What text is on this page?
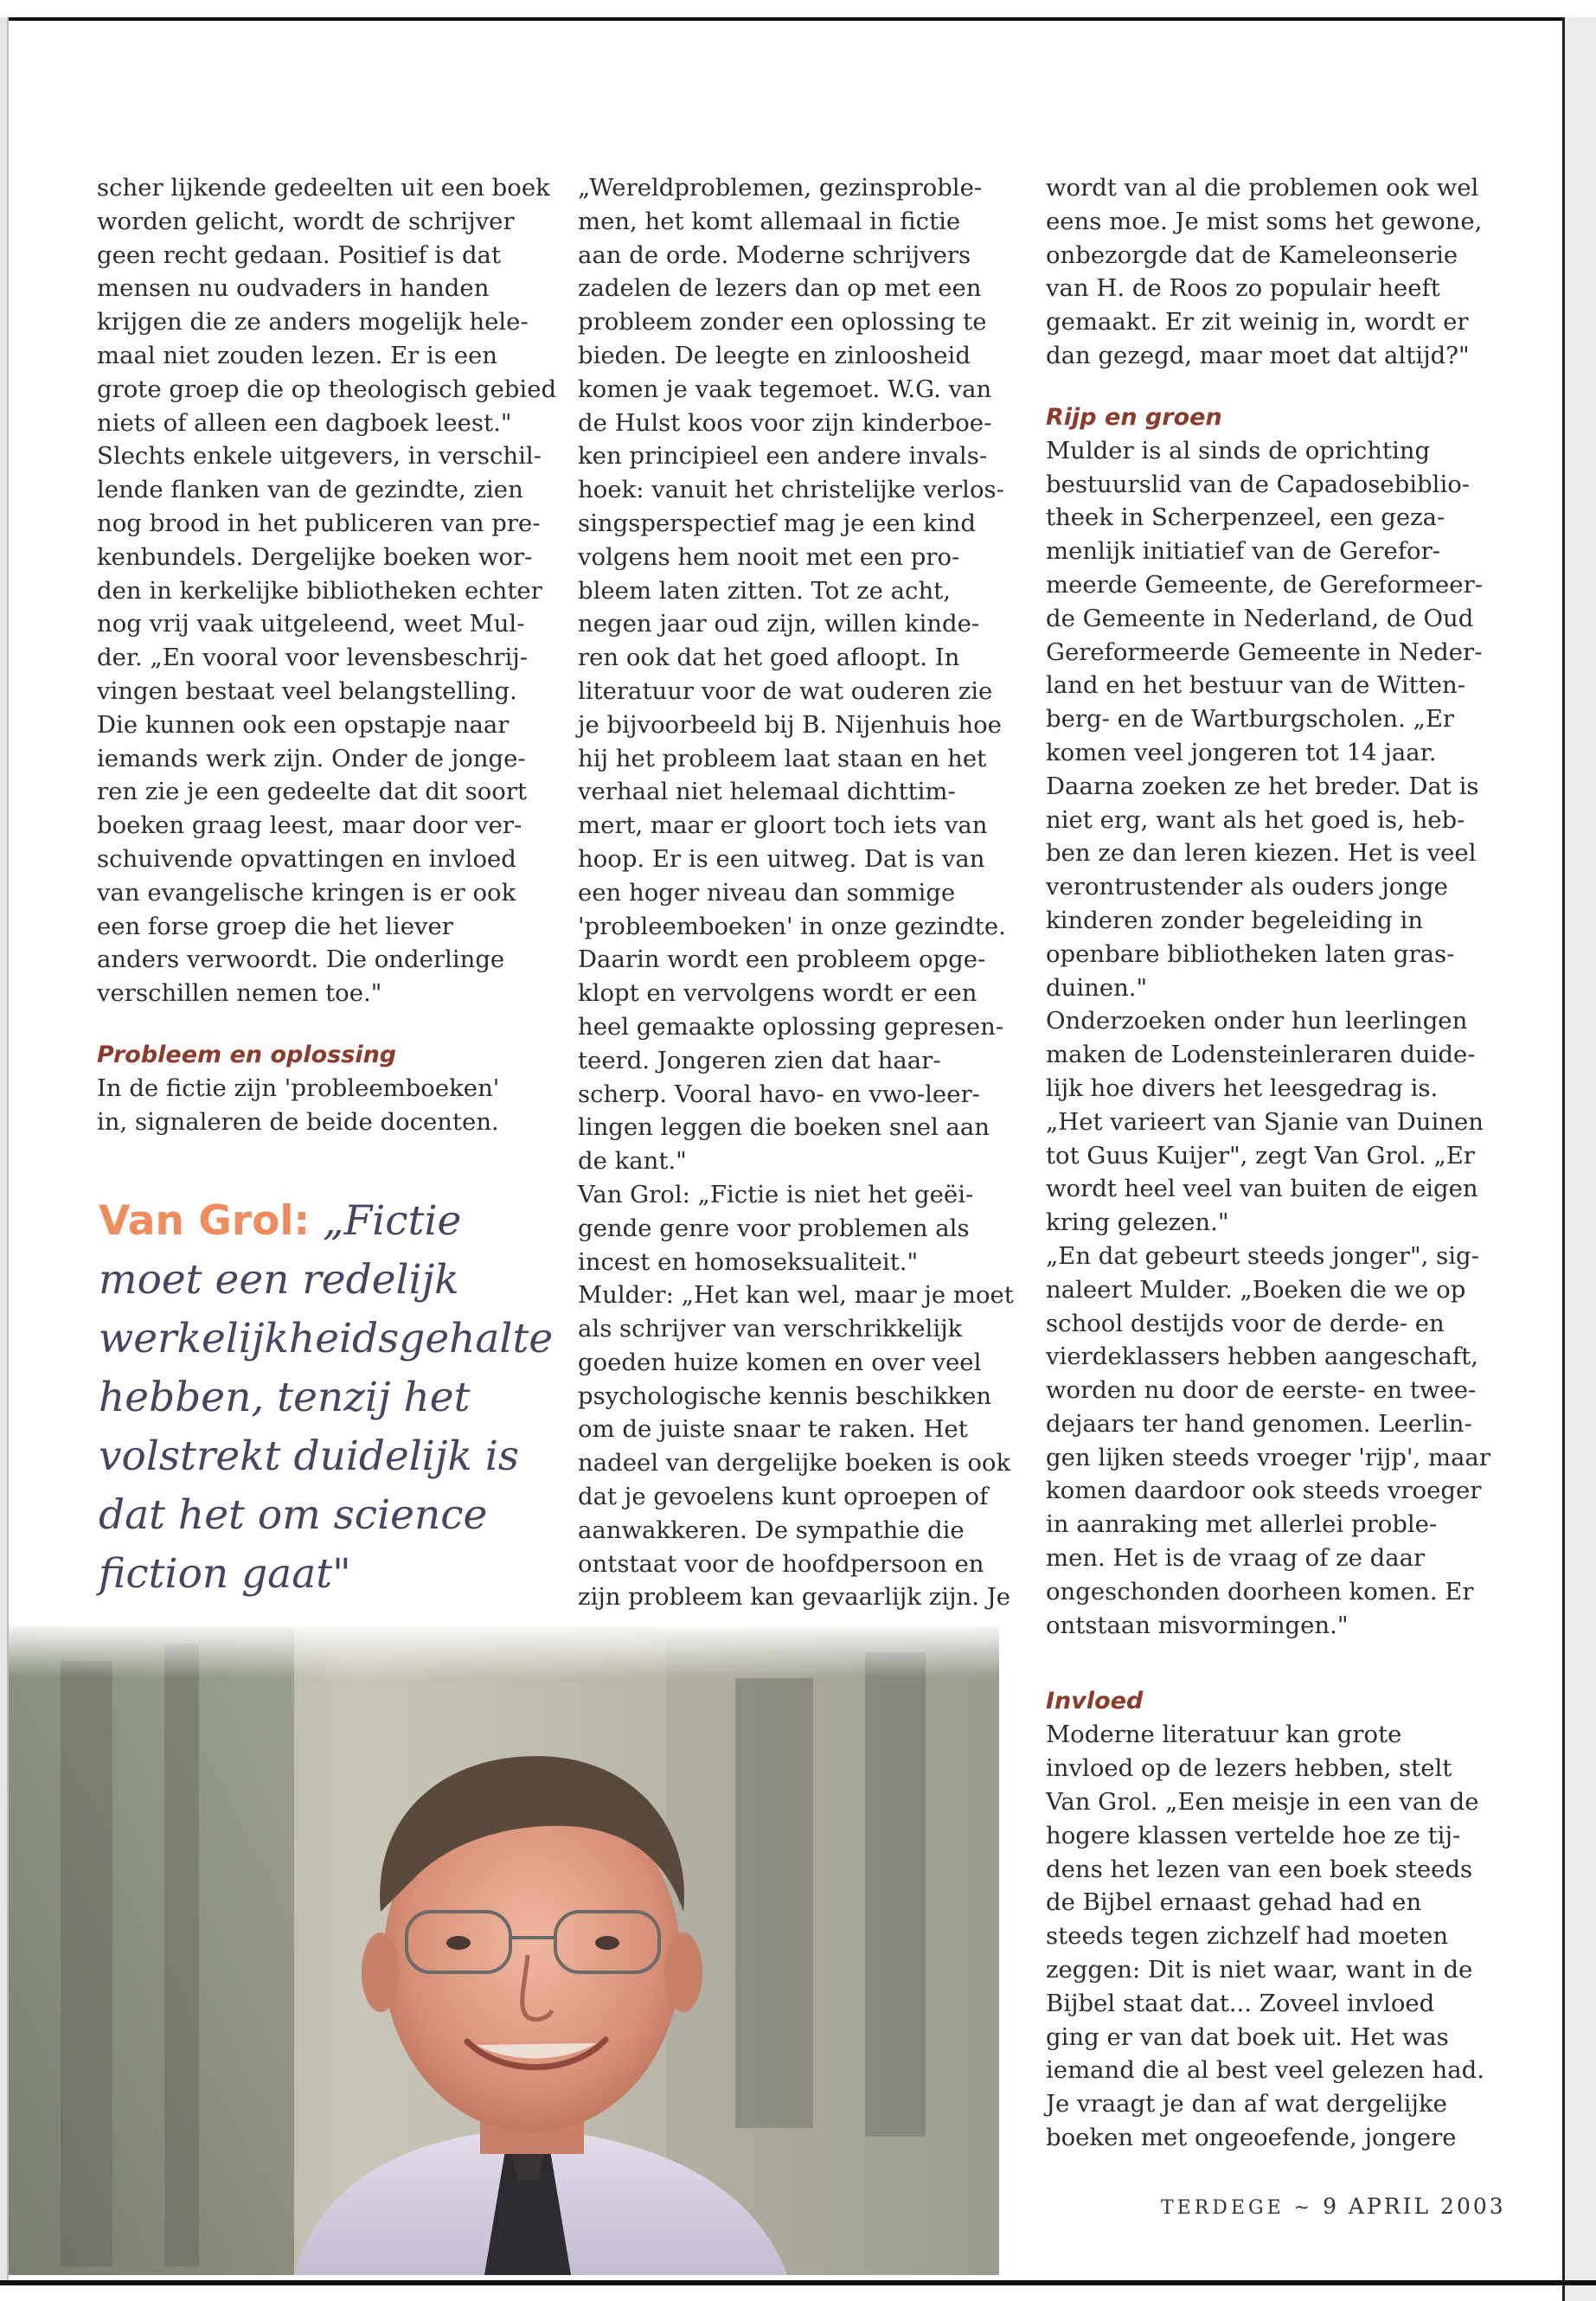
scher lijkende gedeelten uit een boek

worden gelicht, wordt de schrijver

geen recht gedaan. Positief is dat

mensen nu oudvaders in handen

krijgen die ze anders mogelijk hele-

maal niet zouden lezen. Er is een

grote groep die op theologisch gebied

niets of alleen een dagboek leest."

Slechts enkele uitgevers, in verschil-

lende flanken van de gezindte, zien

nog brood in het publiceren van pre-

kenbundels. Dergelijke boeken wor-

den in kerkelijke bibliotheken echter

nog vrij vaak uitgeleend, weet Mul-

der. „En vooral voor levensbeschrij-

vingen bestaat veel belangstelling.

Die kunnen ook een opstapje naar

iemands werk zijn. Onder de jonge-

ren zie je een gedeelte dat dit soort

boeken graag leest, maar door ver-

schuivende opvattingen en invloed

van evangelische kringen is er ook

een forse groep die het liever

anders verwoordt. Die onderlinge

verschillen nemen toe."

Probleem en oplossing

In de fictie zijn 'probleemboeken'

in, signaleren de beide docenten.

Van Grol: „Fictie

moet een redelijk

werkelijkheidsgehalte

hebben, tenzij het

volstrekt duidelijk is

dat het om science

fiction gaat"

„Wereldproblemen, gezinsproble-

men, het komt allemaal in fictie

aan de orde. Moderne schrijvers

zadelen de lezers dan op met een

probleem zonder een oplossing te

bieden. De leegte en zinloosheid

komen je vaak tegemoet. W.G. van

de Hulst koos voor zijn kinderboe-

ken principieel een andere invals-

hoek: vanuit het christelijke verlos-

singsperspectief mag je een kind

volgens hem nooit met een pro-

bleem laten zitten. Tot ze acht,

negen jaar oud zijn, willen kinde-

ren ook dat het goed afloopt. In

literatuur voor de wat ouderen zie

je bijvoorbeeld bij B. Nijenhuis hoe

hij het probleem laat staan en het

verhaal niet helemaal dichttim-

mert, maar er gloort toch iets van

hoop. Er is een uitweg. Dat is van

een hoger niveau dan sommige

'probleemboeken' in onze gezindte.

Daarin wordt een probleem opge-

klopt en vervolgens wordt er een

heel gemaakte oplossing gepresen-

teerd. Jongeren zien dat haar-

scherp. Vooral havo- en vwo-leer-

lingen leggen die boeken snel aan

de kant."

Van Grol: „Fictie is niet het geëi-

gende genre voor problemen als

incest en homoseksualiteit."

Mulder: „Het kan wel, maar je moet

als schrijver van verschrikkelijk

goeden huize komen en over veel

psychologische kennis beschikken

om de juiste snaar te raken. Het

nadeel van dergelijke boeken is ook

dat je gevoelens kunt oproepen of

aanwakkeren. De sympathie die

ontstaat voor de hoofdpersoon en

zijn probleem kan gevaarlijk zijn. Je

wordt van al die problemen ook wel

eens moe. Je mist soms het gewone,

onbezorgde dat de Kameleonserie

van H. de Roos zo populair heeft

gemaakt. Er zit weinig in, wordt er

dan gezegd, maar moet dat altijd?"

Rijp en groen

Mulder is al sinds de oprichting

bestuurslid van de Capadosebiblio-

theek in Scherpenzeel, een geza-

menlijk initiatief van de Gerefor-

meerde Gemeente, de Gereformeer-

de Gemeente in Nederland, de Oud

Gereformeerde Gemeente in Neder-

land en het bestuur van de Witten-

berg- en de Wartburgscholen. „Er

komen veel jongeren tot 14 jaar.

Daarna zoeken ze het breder. Dat is

niet erg, want als het goed is, heb-

ben ze dan leren kiezen. Het is veel

verontrustender als ouders jonge

kinderen zonder begeleiding in

openbare bibliotheken laten gras-

duinen."

Onderzoeken onder hun leerlingen

maken de Lodensteinleraren duide-

lijk hoe divers het leesgedrag is.

„Het varieert van Sjanie van Duinen

tot Guus Kuijer", zegt Van Grol. „Er

wordt heel veel van buiten de eigen

kring gelezen."

„En dat gebeurt steeds jonger", sig-

naleert Mulder. „Boeken die we op

school destijds voor de derde- en

vierdeklassers hebben aangeschaft,

worden nu door de eerste- en twee-

dejaars ter hand genomen. Leerlin-

gen lijken steeds vroeger 'rijp', maar

komen daardoor ook steeds vroeger

in aanraking met allerlei proble-

men. Het is de vraag of ze daar

ongeschonden doorheen komen. Er

ontstaan misvormingen."

Invloed

Moderne literatuur kan grote

invloed op de lezers hebben, stelt

Van Grol. „Een meisje in een van de

hogere klassen vertelde hoe ze tij-

dens het lezen van een boek steeds

de Bijbel ernaast gehad had en

steeds tegen zichzelf had moeten

zeggen: Dit is niet waar, want in de

Bijbel staat dat... Zoveel invloed

ging er van dat boek uit. Het was

iemand die al best veel gelezen had.

Je vraagt je dan af wat dergelijke

boeken met ongeoefende, jongere

TERDEGE ~ 9 APRIL 2003
